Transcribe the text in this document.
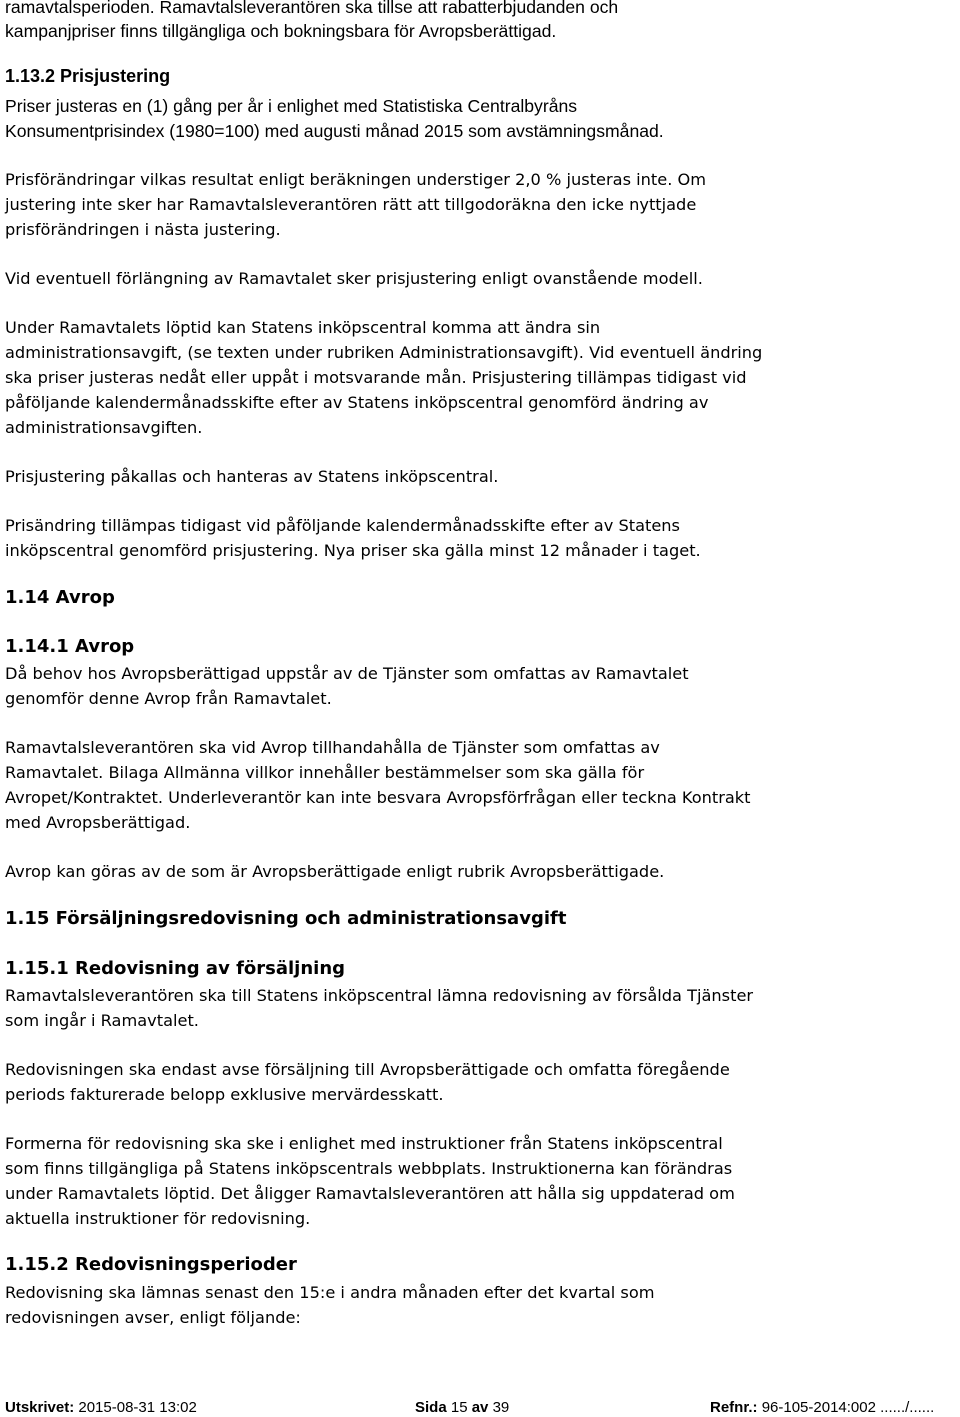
ramavtalsperioden. Ramavtalsleverantören ska tillse att rabatterbjudanden och
kampanjpriser finns tillgängliga och bokningsbara för Avropsberättigad.
1.13.2 Prisjustering
Priser justeras en (1) gång per år i enlighet med Statistiska Centralbyråns
Konsumentprisindex (1980=100) med augusti månad 2015 som avstämningsmånad.
Prisförändringar vilkas resultat enligt beräkningen understiger 2,0 % justeras inte. Om
justering inte sker har Ramavtalsleverantören rätt att tillgodoräkna den icke nyttjade
prisförändringen i nästa justering.
Vid eventuell förlängning av Ramavtalet sker prisjustering enligt ovanstående modell.
Under Ramavtalets löptid kan Statens inköpscentral komma att ändra sin
administrationsavgift, (se texten under rubriken Administrationsavgift). Vid eventuell ändring
ska priser justeras nedåt eller uppåt i motsvarande mån. Prisjustering tillämpas tidigast vid
påföljande kalendermånadsskifte efter av Statens inköpscentral genomförd ändring av
administrationsavgiften.
Prisjustering påkallas och hanteras av Statens inköpscentral.
Prisändring tillämpas tidigast vid påföljande kalendermånadsskifte efter av Statens
inköpscentral genomförd prisjustering. Nya priser ska gälla minst 12 månader i taget.
1.14 Avrop
1.14.1 Avrop
Då behov hos Avropsberättigad uppstår av de Tjänster som omfattas av Ramavtalet
genomför denne Avrop från Ramavtalet.
Ramavtalsleverantören ska vid Avrop tillhandahålla de Tjänster som omfattas av
Ramavtalet. Bilaga Allmänna villkor innehåller bestämmelser som ska gälla för
Avropet/Kontraktet. Underleverantör kan inte besvara Avropsförfrågan eller teckna Kontrakt
med Avropsberättigad.
Avrop kan göras av de som är Avropsberättigade enligt rubrik Avropsberättigade.
1.15 Försäljningsredovisning och administrationsavgift
1.15.1 Redovisning av försäljning
Ramavtalsleverantören ska till Statens inköpscentral lämna redovisning av försålda Tjänster
som ingår i Ramavtalet.
Redovisningen ska endast avse försäljning till Avropsberättigade och omfatta föregående
periods fakturerade belopp exklusive mervärdesskatt.
Formerna för redovisning ska ske i enlighet med instruktioner från Statens inköpscentral
som finns tillgängliga på Statens inköpscentrals webbplats. Instruktionerna kan förändras
under Ramavtalets löptid. Det åligger Ramavtalsleverantören att hålla sig uppdaterad om
aktuella instruktioner för redovisning.
1.15.2 Redovisningsperioder
Redovisning ska lämnas senast den 15:e i andra månaden efter det kvartal som
redovisningen avser, enligt följande:
Utskrivet: 2015-08-31 13:02	Sida 15 av 39	Refnr.: 96-105-2014:002 ....../......
